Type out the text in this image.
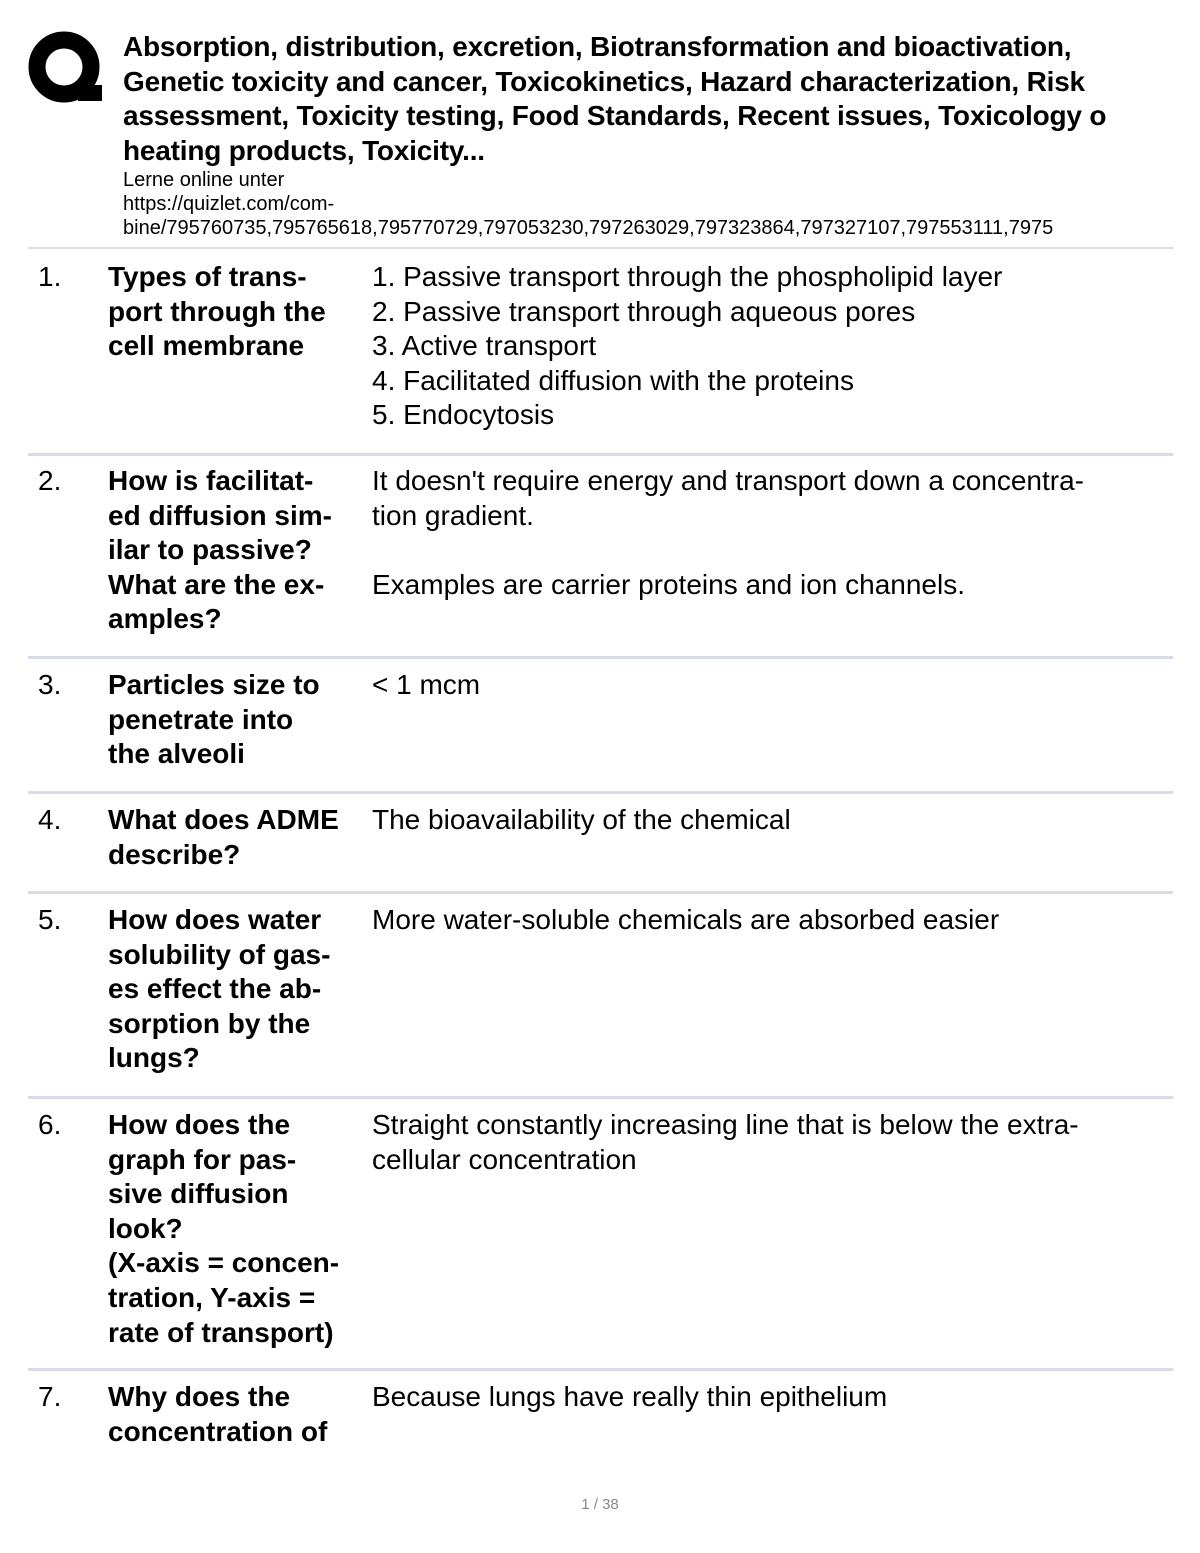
Absorption, distribution, excretion, Biotransformation and bioactivation,
Genetic toxicity and cancer, Toxicokinetics, Hazard characterization, Risk
assessment, Toxicity testing, Food Standards, Recent issues, Toxicology o
heating products, Toxicity...
Lerne online unter
https://quizlet.com/com-
bine/795760735,795765618,795770729,797053230,797263029,797323864,797327107,797553111,7975
1. Types of trans-
port through the
cell membrane
1. Passive transport through the phospholipid layer
2. Passive transport through aqueous pores
3. Active transport
4. Facilitated diffusion with the proteins
5. Endocytosis
2. How is facilitat-
ed diffusion sim-
ilar to passive?
What are the ex-
amples?
It doesn't require energy and transport down a concentra-
tion gradient.
Examples are carrier proteins and ion channels.
3. Particles size to
penetrate into
the alveoli
< 1 mcm
4. What does ADME
describe?
The bioavailability of the chemical
5. How does water
solubility of gas-
es effect the ab-
sorption by the
lungs?
More water-soluble chemicals are absorbed easier
6. How does the
graph for pas-
sive diffusion
look?
(X-axis = concen-
tration, Y-axis =
rate of transport)
Straight constantly increasing line that is below the extra-
cellular concentration
7. Why does the
concentration of
Because lungs have really thin epithelium
1 / 38
